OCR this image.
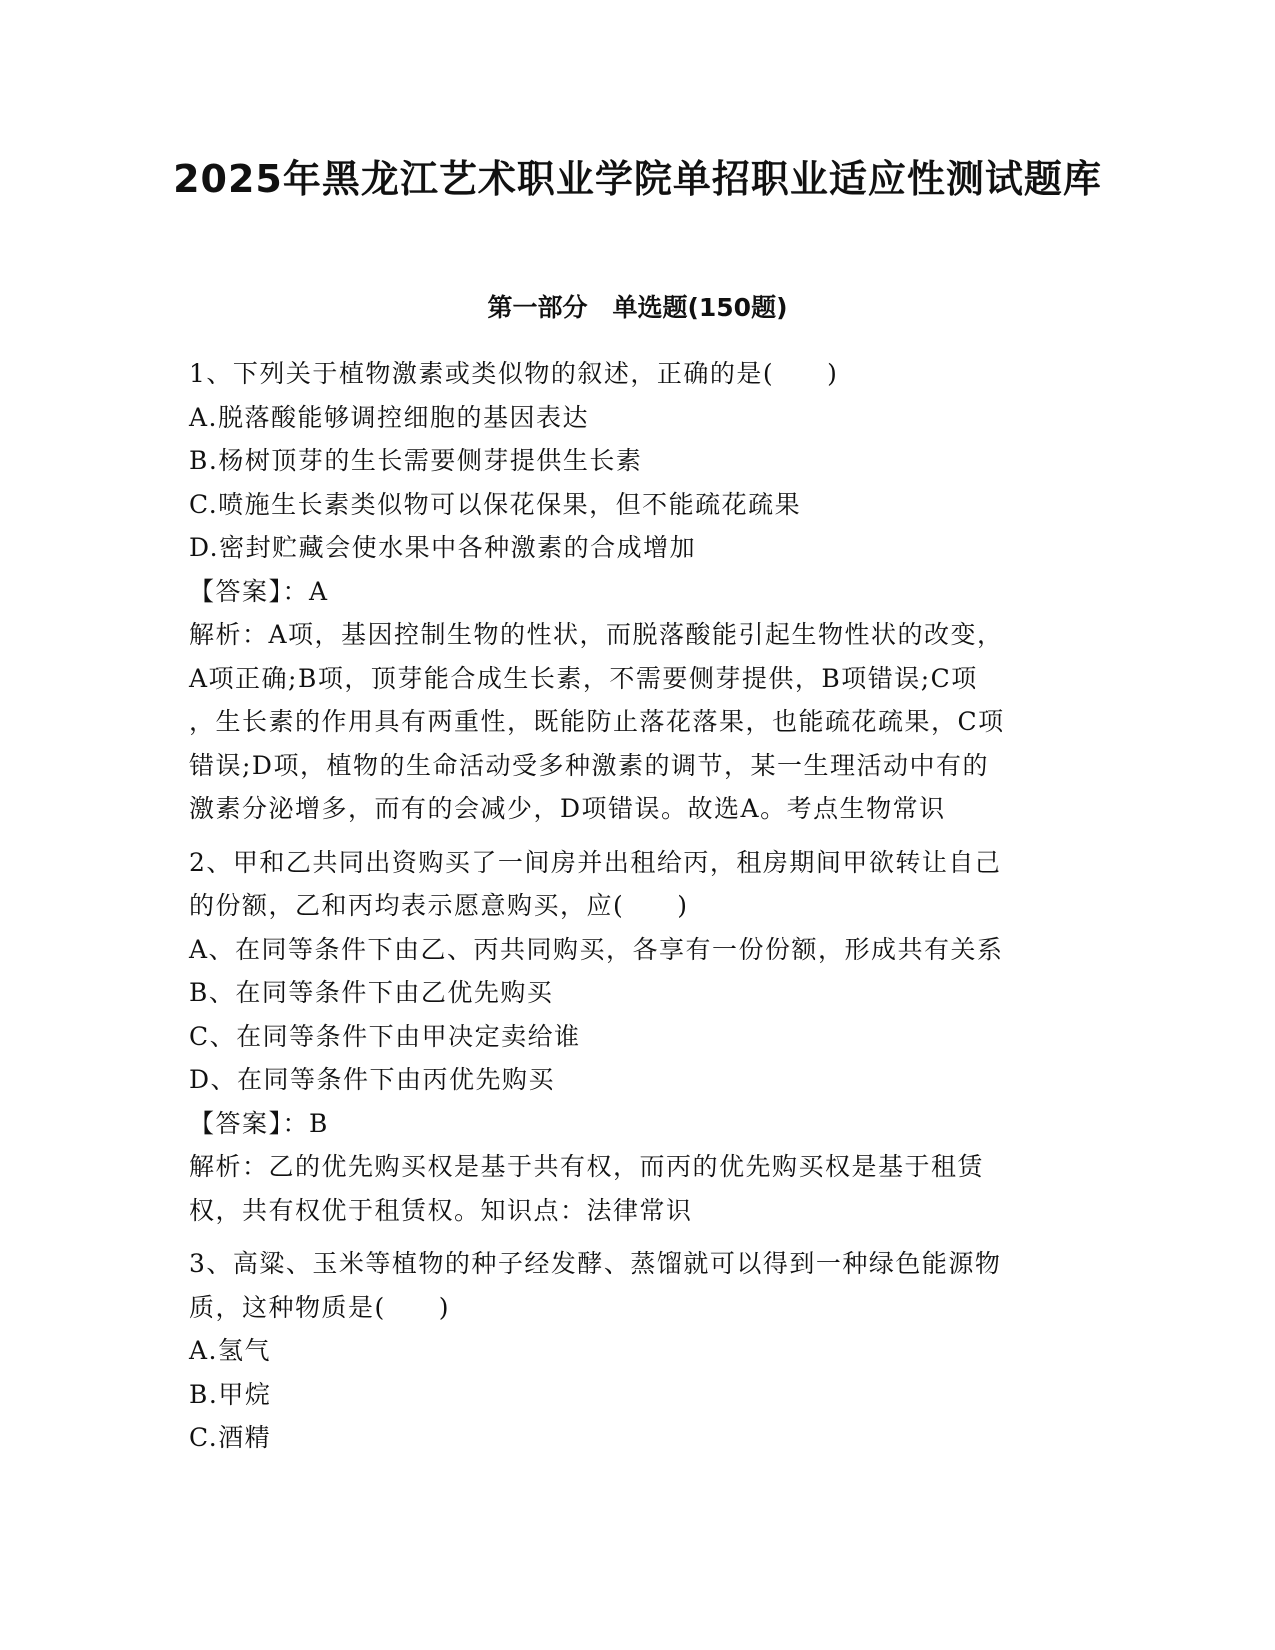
2025年黑龙江艺术职业学院单招职业适应性测试题库
第一部分　单选题(150题)
1、下列关于植物激素或类似物的叙述，正确的是(　　)
A.脱落酸能够调控细胞的基因表达
B.杨树顶芽的生长需要侧芽提供生长素
C.喷施生长素类似物可以保花保果，但不能疏花疏果
D.密封贮藏会使水果中各种激素的合成增加
【答案】：A
解析：A项，基因控制生物的性状，而脱落酸能引起生物性状的改变，
A项正确;B项，顶芽能合成生长素，不需要侧芽提供，B项错误;C项
，生长素的作用具有两重性，既能防止落花落果，也能疏花疏果，C项
错误;D项，植物的生命活动受多种激素的调节，某一生理活动中有的
激素分泌增多，而有的会减少，D项错误。故选A。考点生物常识
2、甲和乙共同出资购买了一间房并出租给丙，租房期间甲欲转让自己
的份额，乙和丙均表示愿意购买，应(　　)
A、在同等条件下由乙、丙共同购买，各享有一份份额，形成共有关系
B、在同等条件下由乙优先购买
C、在同等条件下由甲决定卖给谁
D、在同等条件下由丙优先购买
【答案】：B
解析：乙的优先购买权是基于共有权，而丙的优先购买权是基于租赁
权，共有权优于租赁权。知识点：法律常识
3、高粱、玉米等植物的种子经发酵、蒸馏就可以得到一种绿色能源物
质，这种物质是(　　)
A.氢气
B.甲烷
C.酒精
